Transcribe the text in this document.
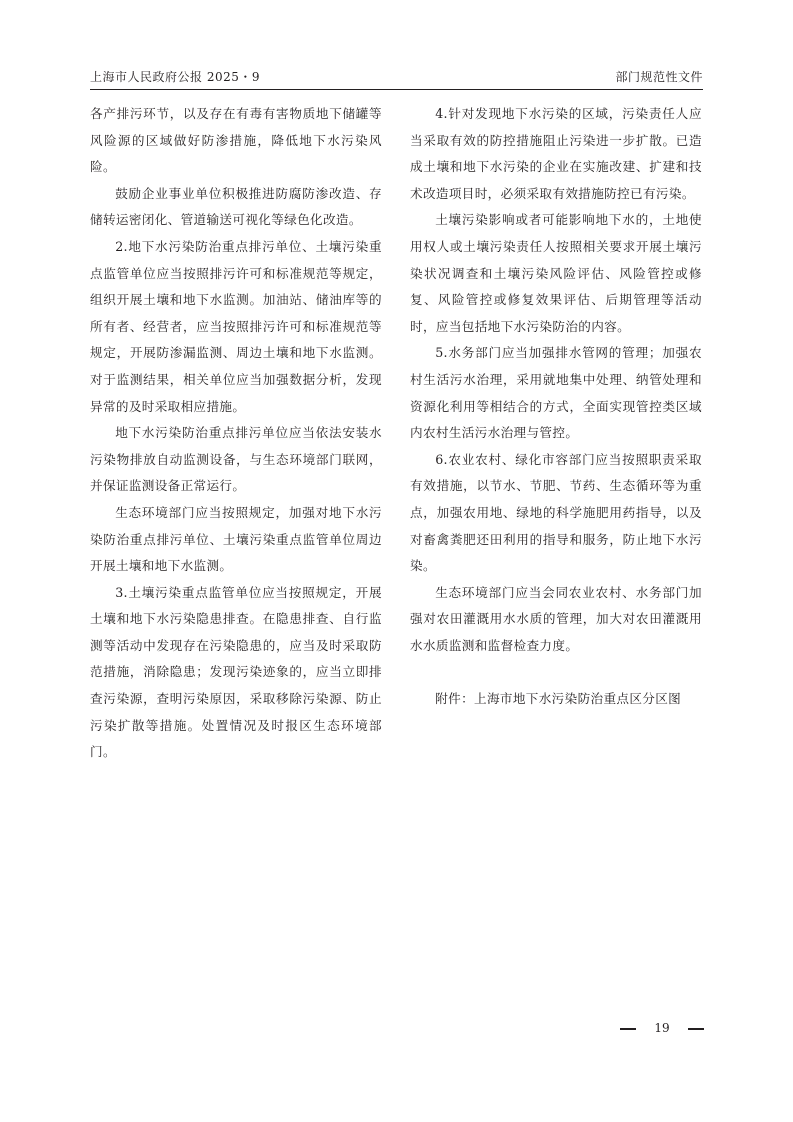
上海市人民政府公报 2025・9	部门规范性文件

各产排污环节，以及存在有毒有害物质地下储罐等风险源的区域做好防渗措施，降低地下水污染风险。

鼓励企业事业单位积极推进防腐防渗改造、存储转运密闭化、管道输送可视化等绿色化改造。

2.地下水污染防治重点排污单位、土壤污染重点监管单位应当按照排污许可和标准规范等规定，组织开展土壤和地下水监测。加油站、储油库等的所有者、经营者，应当按照排污许可和标准规范等规定，开展防渗漏监测、周边土壤和地下水监测。对于监测结果，相关单位应当加强数据分析，发现异常的及时采取相应措施。

地下水污染防治重点排污单位应当依法安装水污染物排放自动监测设备，与生态环境部门联网，并保证监测设备正常运行。

生态环境部门应当按照规定，加强对地下水污染防治重点排污单位、土壤污染重点监管单位周边开展土壤和地下水监测。

3.土壤污染重点监管单位应当按照规定，开展土壤和地下水污染隐患排查。在隐患排查、自行监测等活动中发现存在污染隐患的，应当及时采取防范措施，消除隐患；发现污染迹象的，应当立即排查污染源，查明污染原因，采取移除污染源、防止污染扩散等措施。处置情况及时报区生态环境部门。

4.针对发现地下水污染的区域，污染责任人应当采取有效的防控措施阻止污染进一步扩散。已造成土壤和地下水污染的企业在实施改建、扩建和技术改造项目时，必须采取有效措施防控已有污染。

土壤污染影响或者可能影响地下水的，土地使用权人或土壤污染责任人按照相关要求开展土壤污染状况调查和土壤污染风险评估、风险管控或修复、风险管控或修复效果评估、后期管理等活动时，应当包括地下水污染防治的内容。

5.水务部门应当加强排水管网的管理；加强农村生活污水治理，采用就地集中处理、纳管处理和资源化利用等相结合的方式，全面实现管控类区域内农村生活污水治理与管控。

6.农业农村、绿化市容部门应当按照职责采取有效措施，以节水、节肥、节药、生态循环等为重点，加强农用地、绿地的科学施肥用药指导，以及对畜禽粪肥还田利用的指导和服务，防止地下水污染。

生态环境部门应当会同农业农村、水务部门加强对农田灌溉用水水质的管理，加大对农田灌溉用水水质监测和监督检查力度。

附件：上海市地下水污染防治重点区分区图

19
